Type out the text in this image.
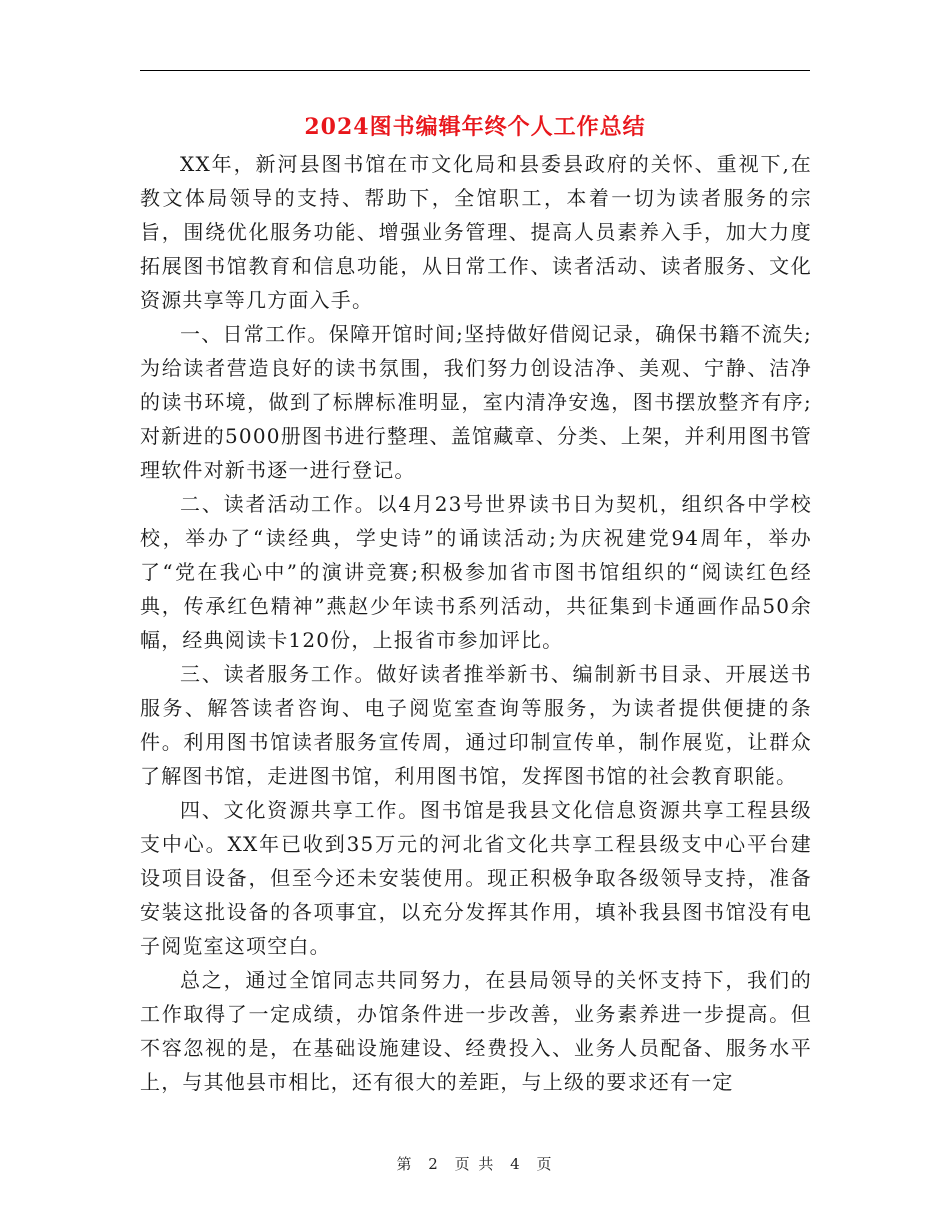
2024图书编辑年终个人工作总结

XX年，新河县图书馆在市文化局和县委县政府的关怀、重视下,在教文体局领导的支持、帮助下，全馆职工，本着一切为读者服务的宗旨，围绕优化服务功能、增强业务管理、提高人员素养入手，加大力度拓展图书馆教育和信息功能，从日常工作、读者活动、读者服务、文化资源共享等几方面入手。

一、日常工作。保障开馆时间;坚持做好借阅记录，确保书籍不流失;为给读者营造良好的读书氛围，我们努力创设洁净、美观、宁静、洁净的读书环境，做到了标牌标准明显，室内清净安逸，图书摆放整齐有序;对新进的5000册图书进行整理、盖馆藏章、分类、上架，并利用图书管理软件对新书逐一进行登记。

二、读者活动工作。以4月23号世界读书日为契机，组织各中学校校，举办了“读经典，学史诗”的诵读活动;为庆祝建党94周年，举办了“党在我心中”的演讲竞赛;积极参加省市图书馆组织的“阅读红色经典，传承红色精神”燕赵少年读书系列活动，共征集到卡通画作品50余幅，经典阅读卡120份，上报省市参加评比。

三、读者服务工作。做好读者推举新书、编制新书目录、开展送书服务、解答读者咨询、电子阅览室查询等服务，为读者提供便捷的条件。利用图书馆读者服务宣传周，通过印制宣传单，制作展览，让群众了解图书馆，走进图书馆，利用图书馆，发挥图书馆的社会教育职能。

四、文化资源共享工作。图书馆是我县文化信息资源共享工程县级支中心。XX年已收到35万元的河北省文化共享工程县级支中心平台建设项目设备，但至今还未安装使用。现正积极争取各级领导支持，准备安装这批设备的各项事宜，以充分发挥其作用，填补我县图书馆没有电子阅览室这项空白。

总之，通过全馆同志共同努力，在县局领导的关怀支持下，我们的工作取得了一定成绩，办馆条件进一步改善，业务素养进一步提高。但不容忽视的是，在基础设施建设、经费投入、业务人员配备、服务水平上，与其他县市相比，还有很大的差距，与上级的要求还有一定

第 2 页 共 4 页
